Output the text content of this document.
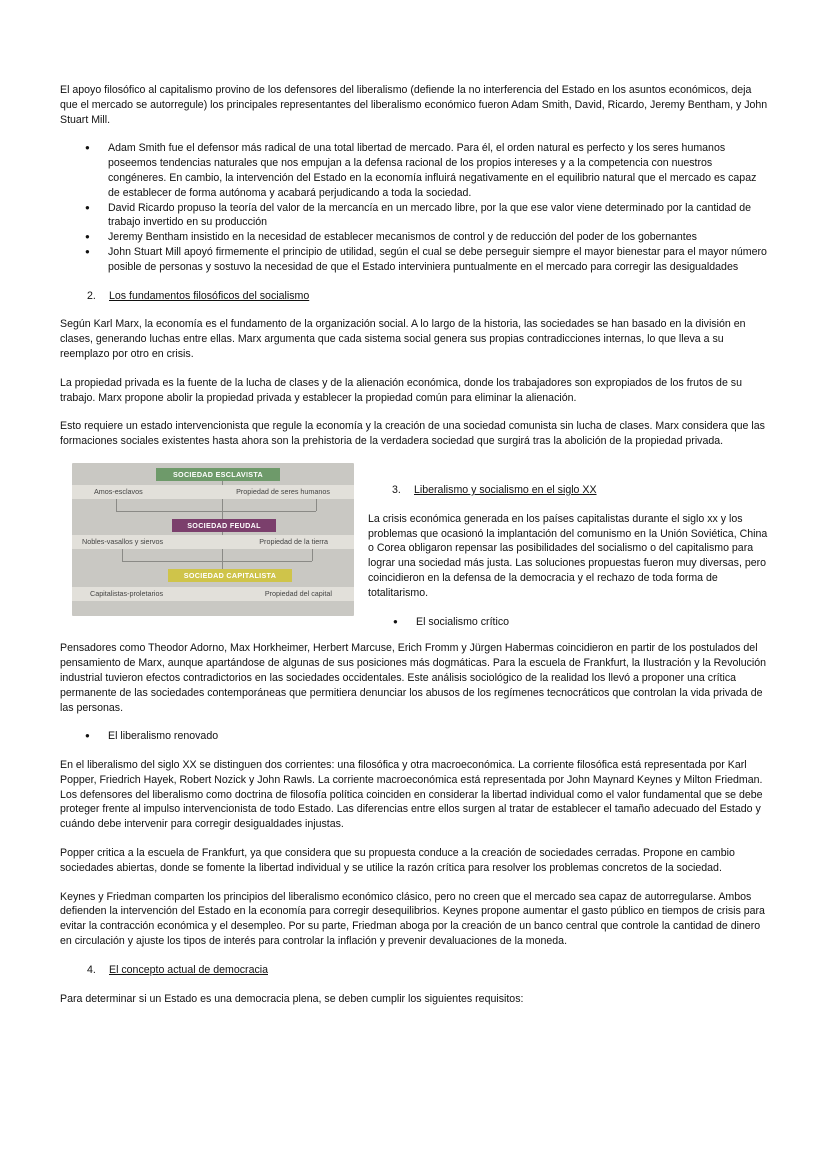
El apoyo filosófico al capitalismo provino de los defensores del liberalismo (defiende la no interferencia del Estado en los asuntos económicos, deja que el mercado se autorregule) los principales representantes del liberalismo económico fueron Adam Smith, David, Ricardo, Jeremy Bentham, y John Stuart Mill.

● Adam Smith fue el defensor más radical de una total libertad de mercado. Para él, el orden natural es perfecto y los seres humanos poseemos tendencias naturales que nos empujan a la defensa racional de los propios intereses y a la competencia con nuestros congéneres. En cambio, la intervención del Estado en la economía influirá negativamente en el equilibrio natural que el mercado es capaz de establecer de forma autónoma y acabará perjudicando a toda la sociedad.
● David Ricardo propuso la teoría del valor de la mercancía en un mercado libre, por la que ese valor viene determinado por la cantidad de trabajo invertido en su producción
● Jeremy Bentham insistido en la necesidad de establecer mecanismos de control y de reducción del poder de los gobernantes
● John Stuart Mill apoyó firmemente el principio de utilidad, según el cual se debe perseguir siempre el mayor bienestar para el mayor número posible de personas y sostuvo la necesidad de que el Estado interviniera puntualmente en el mercado para corregir las desigualdades
2.	Los fundamentos filosóficos del socialismo

Según Karl Marx, la economía es el fundamento de la organización social. A lo largo de la historia, las sociedades se han basado en la división en clases, generando luchas entre ellas. Marx argumenta que cada sistema social genera sus propias contradicciones internas, lo que lleva a su reemplazo por otro en crisis.

La propiedad privada es la fuente de la lucha de clases y de la alienación económica, donde los trabajadores son expropiados de los frutos de su trabajo. Marx propone abolir la propiedad privada y establecer la propiedad común para eliminar la alienación.

Esto requiere un estado intervencionista que regule la economía y la creación de una sociedad comunista sin lucha de clases. Marx considera que las formaciones sociales existentes hasta ahora son la prehistoria de la verdadera sociedad que surgirá tras la abolición de la propiedad privada.

SOCIEDAD ESCLAVISTA
Amos-esclavos	Propiedad de seres humanos
SOCIEDAD FEUDAL
Nobles-vasallos y siervos	Propiedad de la tierra
SOCIEDAD CAPITALISTA
Capitalistas-proletarios	Propiedad del capital
3.	Liberalismo y socialismo en el siglo XX

La crisis económica generada en los países capitalistas durante el siglo xx y los problemas que ocasionó la implantación del comunismo en la Unión Soviética, China o Corea obligaron repensar las posibilidades del socialismo o del capitalismo para lograr una sociedad más justa. Las soluciones propuestas fueron muy diversas, pero coincidieron en la defensa de la democracia y el rechazo de toda forma de totalitarismo.

● El socialismo crítico

Pensadores como Theodor Adorno, Max Horkheimer, Herbert Marcuse, Erich Fromm y Jürgen Habermas coincidieron en partir de los postulados del pensamiento de Marx, aunque apartándose de algunas de sus posiciones más dogmáticas. Para la escuela de Frankfurt, la Ilustración y la Revolución industrial tuvieron efectos contradictorios en las sociedades occidentales. Este análisis sociológico de la realidad los llevó a proponer una crítica permanente de las sociedades contemporáneas que permitiera denunciar los abusos de los regímenes tecnocráticos que controlan la vida privada de las personas.

● El liberalismo renovado

En el liberalismo del siglo XX se distinguen dos corrientes: una filosófica y otra macroeconómica. La corriente filosófica está representada por Karl Popper, Friedrich Hayek, Robert Nozick y John Rawls. La corriente macroeconómica está representada por John Maynard Keynes y Milton Friedman. Los defensores del liberalismo como doctrina de filosofía política coinciden en considerar la libertad individual como el valor fundamental que se debe proteger frente al impulso intervencionista de todo Estado. Las diferencias entre ellos surgen al tratar de establecer el tamaño adecuado del Estado y cuándo debe intervenir para corregir desigualdades injustas.

Popper critica a la escuela de Frankfurt, ya que considera que su propuesta conduce a la creación de sociedades cerradas. Propone en cambio sociedades abiertas, donde se fomente la libertad individual y se utilice la razón crítica para resolver los problemas concretos de la sociedad.

Keynes y Friedman comparten los principios del liberalismo económico clásico, pero no creen que el mercado sea capaz de autorregularse. Ambos defienden la intervención del Estado en la economía para corregir desequilibrios. Keynes propone aumentar el gasto público en tiempos de crisis para evitar la contracción económica y el desempleo. Por su parte, Friedman aboga por la creación de un banco central que controle la cantidad de dinero en circulación y ajuste los tipos de interés para controlar la inflación y prevenir devaluaciones de la moneda.

4.	El concepto actual de democracia

Para determinar si un Estado es una democracia plena, se deben cumplir los siguientes requisitos:
